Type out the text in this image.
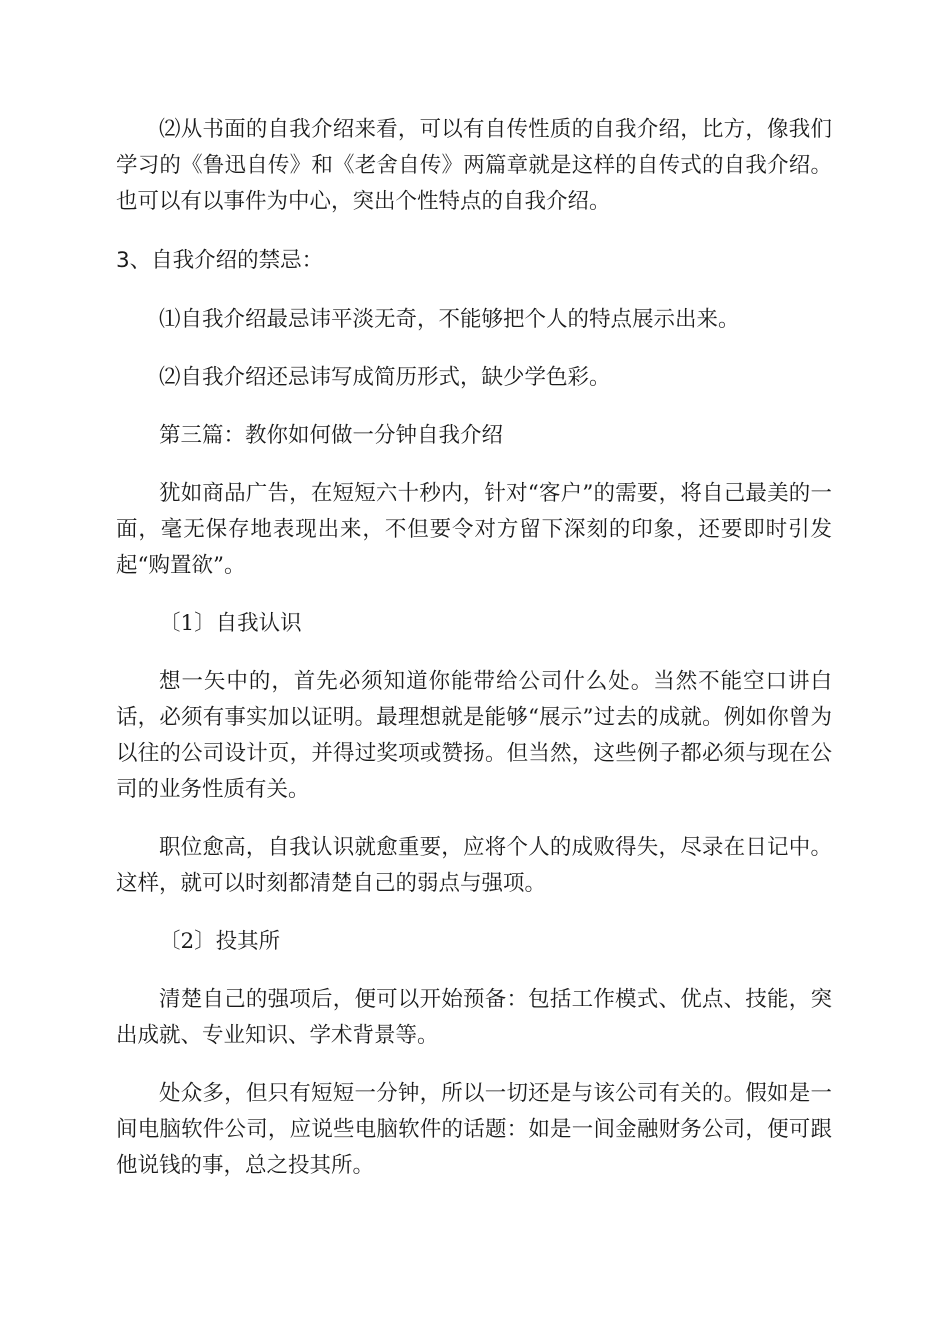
⑵从书面的自我介绍来看，可以有自传性质的自我介绍，比方，像我们学习的《鲁迅自传》和《老舍自传》两篇章就是这样的自传式的自我介绍。也可以有以事件为中心，突出个性特点的自我介绍。

3、自我介绍的禁忌：

⑴自我介绍最忌讳平淡无奇，不能够把个人的特点展示出来。

⑵自我介绍还忌讳写成简历形式，缺少学色彩。

第三篇：教你如何做一分钟自我介绍

犹如商品广告，在短短六十秒内，针对“客户”的需要，将自己最美的一面，毫无保存地表现出来，不但要令对方留下深刻的印象，还要即时引发起“购置欲”。

〔1〕自我认识

想一矢中的，首先必须知道你能带给公司什么处。当然不能空口讲白话，必须有事实加以证明。最理想就是能够“展示”过去的成就。例如你曾为以往的公司设计页，并得过奖项或赞扬。但当然，这些例子都必须与现在公司的业务性质有关。

职位愈高，自我认识就愈重要，应将个人的成败得失，尽录在日记中。这样，就可以时刻都清楚自己的弱点与强项。

〔2〕投其所

清楚自己的强项后，便可以开始预备：包括工作模式、优点、技能，突出成就、专业知识、学术背景等。

处众多，但只有短短一分钟，所以一切还是与该公司有关的。假如是一间电脑软件公司，应说些电脑软件的话题：如是一间金融财务公司，便可跟他说钱的事，总之投其所。
